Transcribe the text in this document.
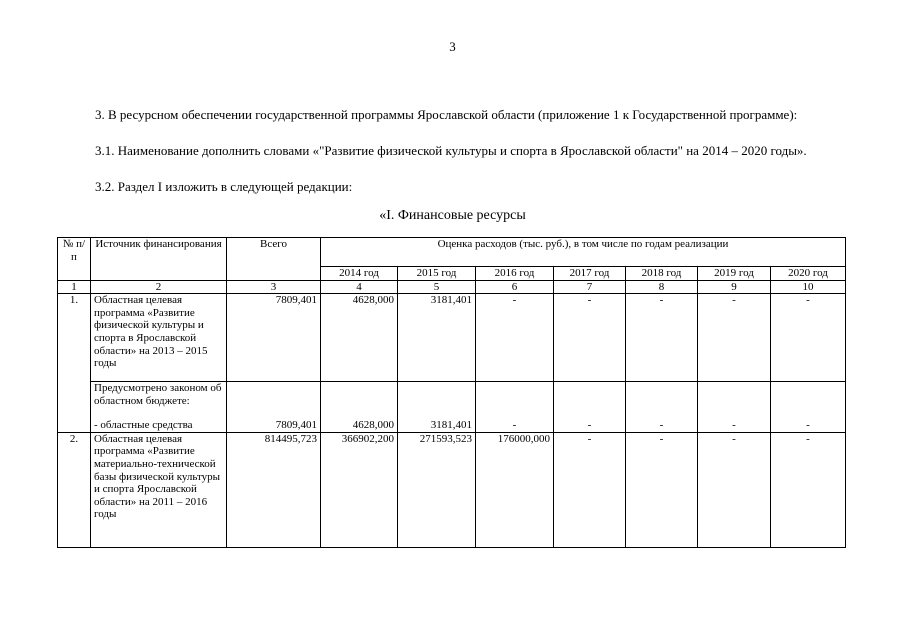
3
3. В ресурсном обеспечении государственной программы Ярославской области (приложение 1 к Государственной программе):
3.1. Наименование дополнить словами «"Развитие физической культуры и спорта в Ярославской области" на 2014 – 2020 годы».
3.2. Раздел I изложить в следующей редакции:
«I. Финансовые ресурсы
№ п/п	Источник финансирования	Всего	Оценка расходов (тыс. руб.), в том числе по годам реализации						
			2014 год	2015 год	2016 год	2017 год	2018 год	2019 год	2020 год
1	2	3	4	5	6	7	8	9	10
1.	Областная целевая программа «Развитие физической культуры и спорта в Ярославской области» на 2013 – 2015 годы	7809,401	4628,000	3181,401	-	-	-	-	-
	Предусмотрено законом об областном бюджете:								
	- областные средства	7809,401	4628,000	3181,401	-	-	-	-	-
2.	Областная целевая программа «Развитие материально-технической базы физической культуры и спорта Ярославской области» на 2011 – 2016 годы	814495,723	366902,200	271593,523	176000,000	-	-	-	-
